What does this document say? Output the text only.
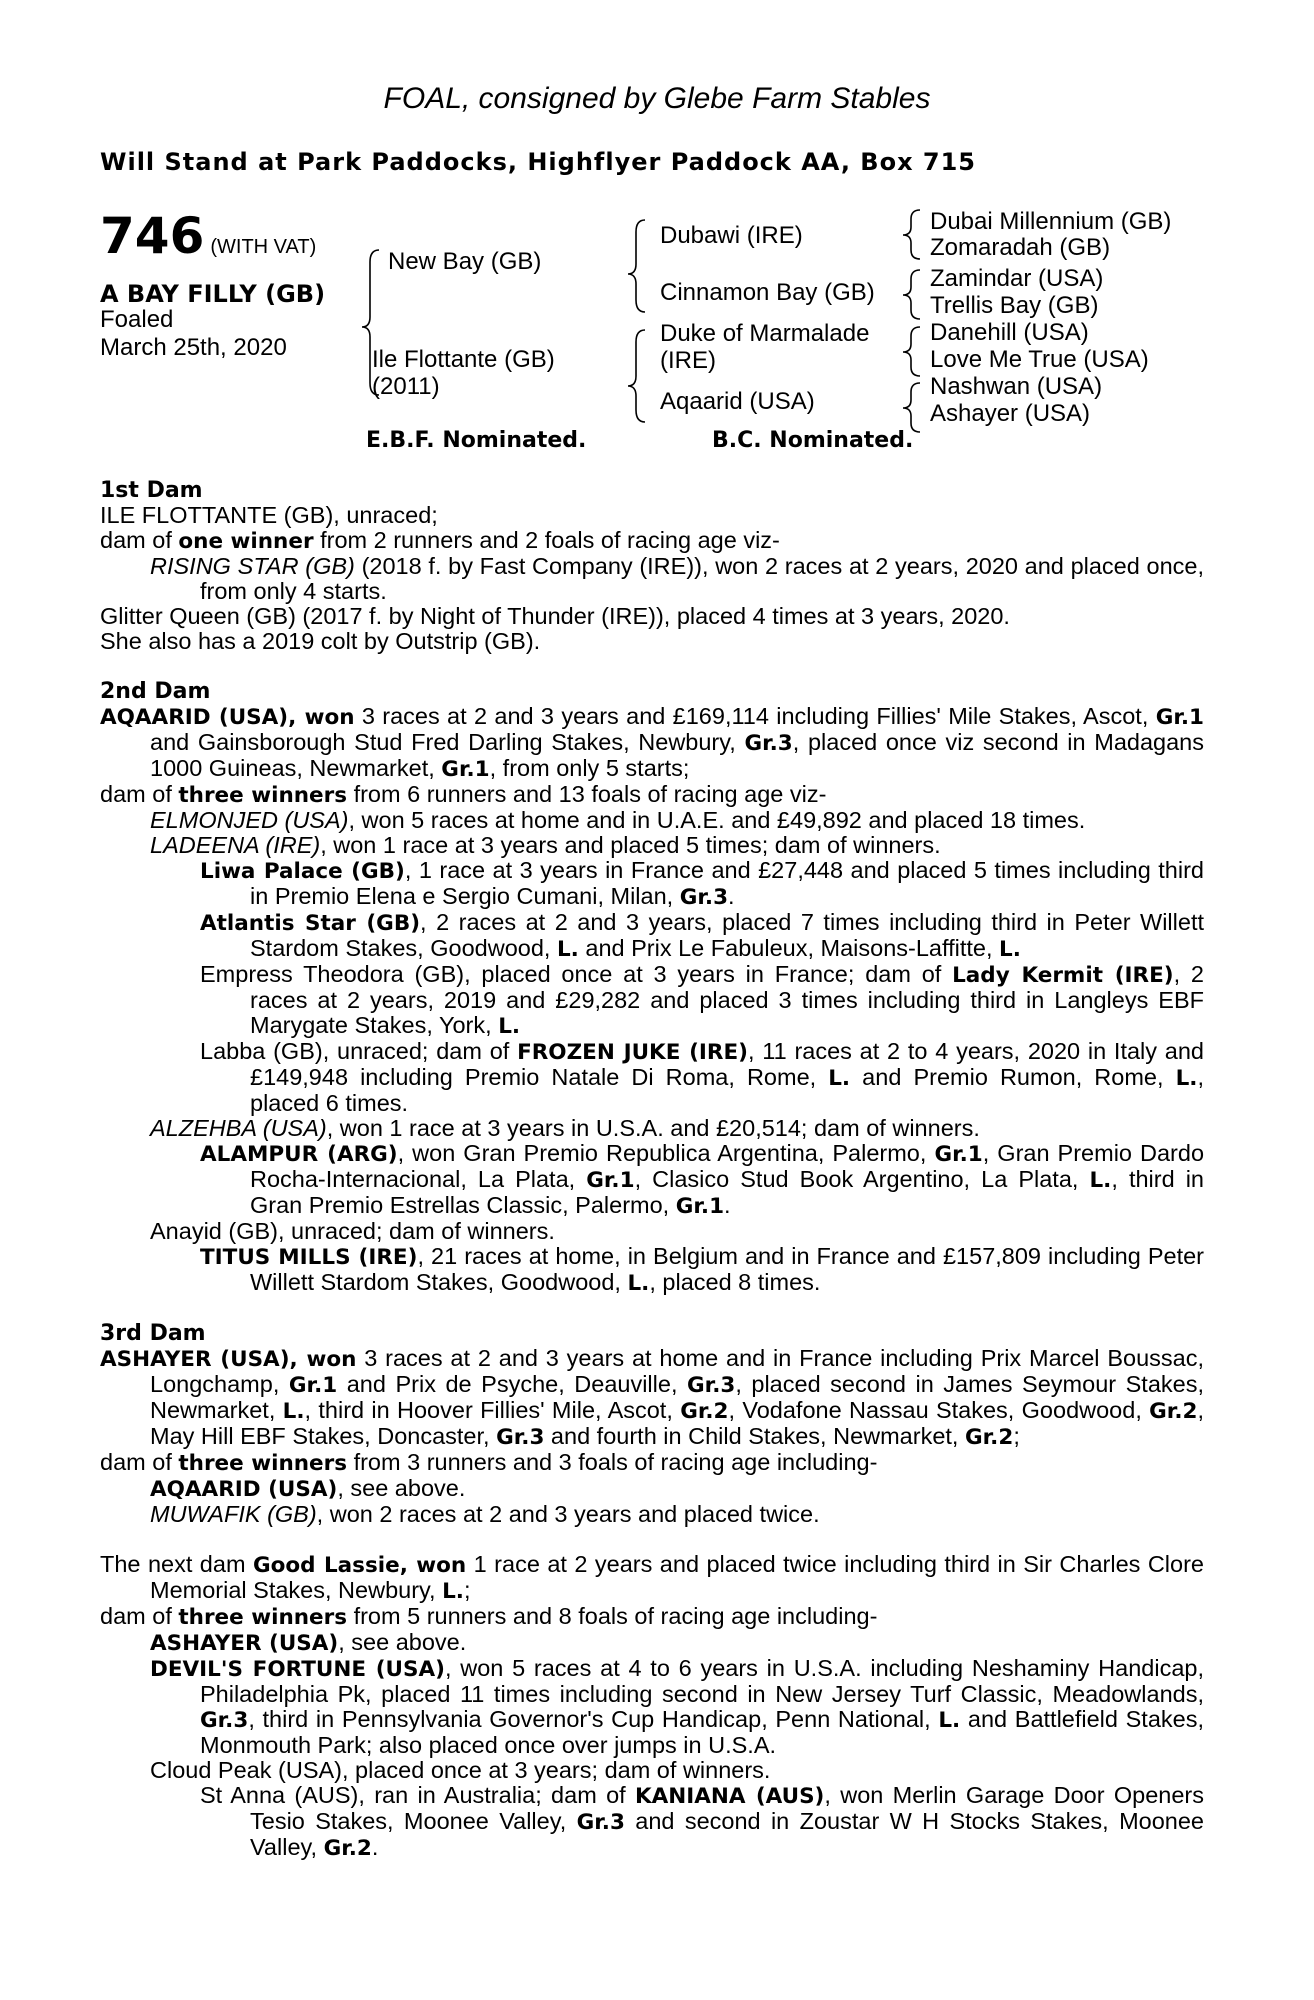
FOAL, consigned by Glebe Farm Stables
Will Stand at Park Paddocks, Highflyer Paddock AA, Box 715
746 (WITH VAT)
A BAY FILLY (GB)
Foaled
March 25th, 2020
New Bay (GB)
Ile Flottante (GB)
(2011)
Dubawi (IRE)
Cinnamon Bay (GB)
Duke of Marmalade
(IRE)
Aqaarid (USA)
Dubai Millennium (GB)
Zomaradah (GB)
Zamindar (USA)
Trellis Bay (GB)
Danehill (USA)
Love Me True (USA)
Nashwan (USA)
Ashayer (USA)
E.B.F. Nominated.	B.C. Nominated.
1st Dam

ILE FLOTTANTE (GB), unraced;

dam of one winner from 2 runners and 2 foals of racing age viz-

RISING STAR (GB) (2018 f. by Fast Company (IRE)), won 2 races at 2 years, 2020 and placed once, from only 4 starts.

Glitter Queen (GB) (2017 f. by Night of Thunder (IRE)), placed 4 times at 3 years, 2020.

She also has a 2019 colt by Outstrip (GB).

2nd Dam

AQAARID (USA), won 3 races at 2 and 3 years and £169,114 including Fillies' Mile Stakes, Ascot, Gr.1 and Gainsborough Stud Fred Darling Stakes, Newbury, Gr.3, placed once viz second in Madagans 1000 Guineas, Newmarket, Gr.1, from only 5 starts;

dam of three winners from 6 runners and 13 foals of racing age viz-

ELMONJED (USA), won 5 races at home and in U.A.E. and £49,892 and placed 18 times.

LADEENA (IRE), won 1 race at 3 years and placed 5 times; dam of winners.

Liwa Palace (GB), 1 race at 3 years in France and £27,448 and placed 5 times including third in Premio Elena e Sergio Cumani, Milan, Gr.3.

Atlantis Star (GB), 2 races at 2 and 3 years, placed 7 times including third in Peter Willett Stardom Stakes, Goodwood, L. and Prix Le Fabuleux, Maisons-Laffitte, L.

Empress Theodora (GB), placed once at 3 years in France; dam of Lady Kermit (IRE), 2 races at 2 years, 2019 and £29,282 and placed 3 times including third in Langleys EBF Marygate Stakes, York, L.

Labba (GB), unraced; dam of FROZEN JUKE (IRE), 11 races at 2 to 4 years, 2020 in Italy and £149,948 including Premio Natale Di Roma, Rome, L. and Premio Rumon, Rome, L., placed 6 times.

ALZEHBA (USA), won 1 race at 3 years in U.S.A. and £20,514; dam of winners.

ALAMPUR (ARG), won Gran Premio Republica Argentina, Palermo, Gr.1, Gran Premio Dardo Rocha-Internacional, La Plata, Gr.1, Clasico Stud Book Argentino, La Plata, L., third in Gran Premio Estrellas Classic, Palermo, Gr.1.

Anayid (GB), unraced; dam of winners.

TITUS MILLS (IRE), 21 races at home, in Belgium and in France and £157,809 including Peter Willett Stardom Stakes, Goodwood, L., placed 8 times.

3rd Dam

ASHAYER (USA), won 3 races at 2 and 3 years at home and in France including Prix Marcel Boussac, Longchamp, Gr.1 and Prix de Psyche, Deauville, Gr.3, placed second in James Seymour Stakes, Newmarket, L., third in Hoover Fillies' Mile, Ascot, Gr.2, Vodafone Nassau Stakes, Goodwood, Gr.2, May Hill EBF Stakes, Doncaster, Gr.3 and fourth in Child Stakes, Newmarket, Gr.2;

dam of three winners from 3 runners and 3 foals of racing age including-

AQAARID (USA), see above.

MUWAFIK (GB), won 2 races at 2 and 3 years and placed twice.

The next dam Good Lassie, won 1 race at 2 years and placed twice including third in Sir Charles Clore Memorial Stakes, Newbury, L.;

dam of three winners from 5 runners and 8 foals of racing age including-

ASHAYER (USA), see above.

DEVIL'S FORTUNE (USA), won 5 races at 4 to 6 years in U.S.A. including Neshaminy Handicap, Philadelphia Pk, placed 11 times including second in New Jersey Turf Classic, Meadowlands, Gr.3, third in Pennsylvania Governor's Cup Handicap, Penn National, L. and Battlefield Stakes, Monmouth Park; also placed once over jumps in U.S.A.

Cloud Peak (USA), placed once at 3 years; dam of winners.

St Anna (AUS), ran in Australia; dam of KANIANA (AUS), won Merlin Garage Door Openers Tesio Stakes, Moonee Valley, Gr.3 and second in Zoustar W H Stocks Stakes, Moonee Valley, Gr.2.
